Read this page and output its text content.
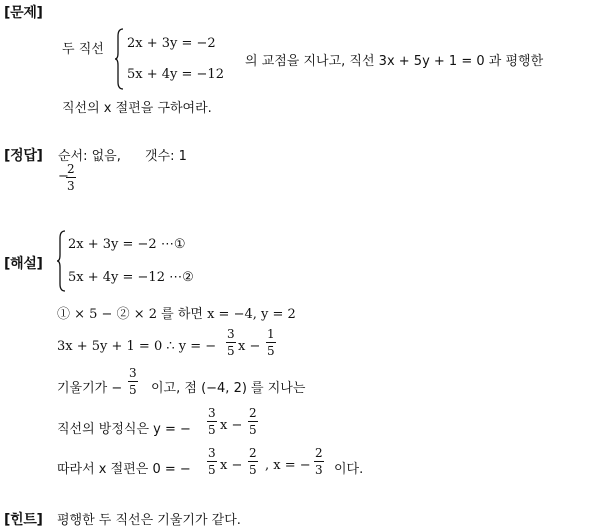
[문제]
두 직선 2x + 3y = −2
5x + 4y = −12
의 교점을 지나고, 직선 3x + 5y + 1 = 0 과 평행한
직선의 x 절편을 구하여라.
[정답] 순서: 없음, 갯수: 1
−
2
3
[해설]
2x + 3y = −2 ⋯①
5x + 4y = −12 ⋯②
① × 5 − ② × 2 를 하면 x = −4, y = 2
3x + 5y + 1 = 0 ∴ y = −
3
5 x −
1
5
기울기가 −
3
5 이고, 점 (−4, 2) 를 지나는
직선의 방정식은 y = −
3
5 x −
2
5
따라서 x 절편은 0 = −
3
5 x −
2
5 , x = −
2
3 이다.
[힌트] 평행한 두 직선은 기울기가 같다.
